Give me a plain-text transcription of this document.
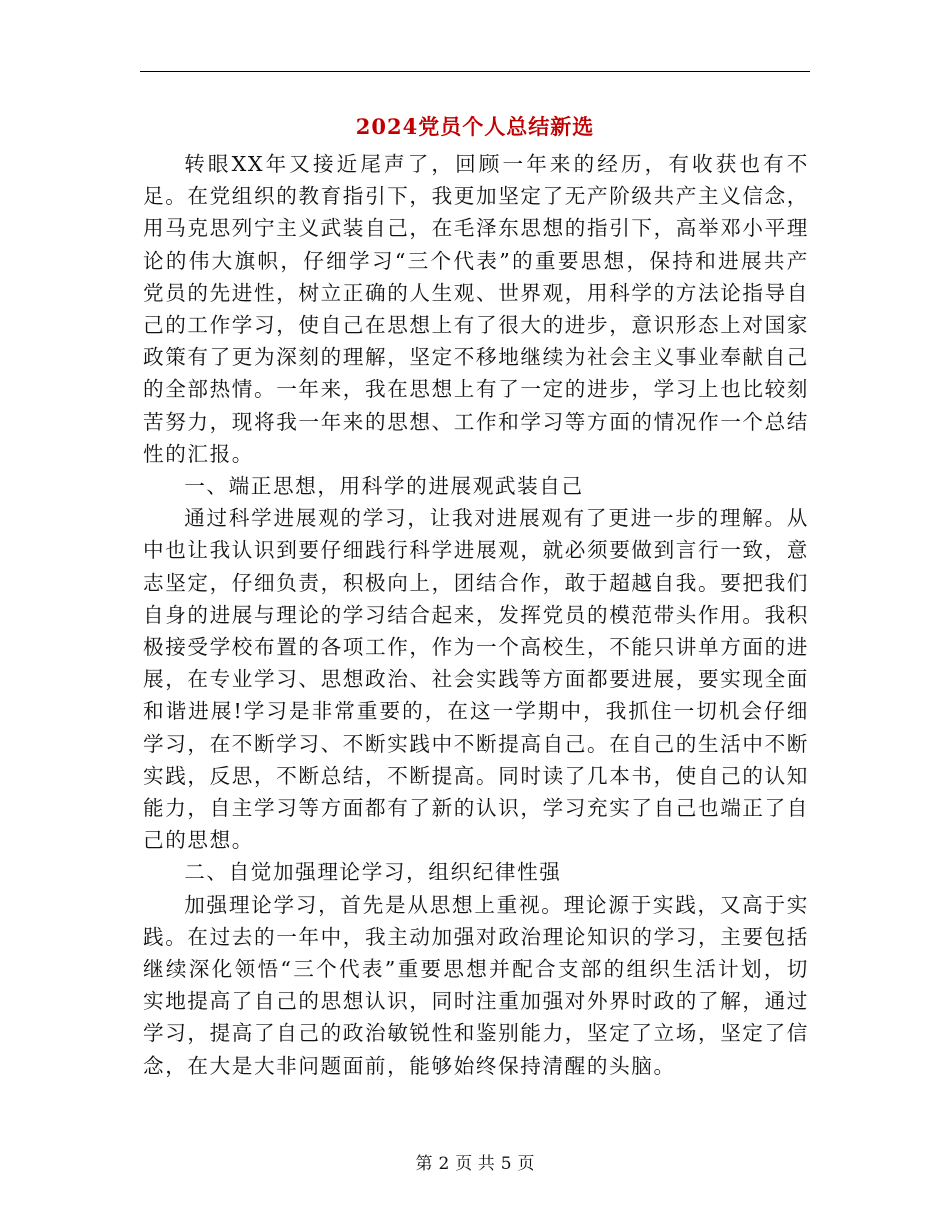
2024党员个人总结新选

转眼XX年又接近尾声了，回顾一年来的经历，有收获也有不足。在党组织的教育指引下，我更加坚定了无产阶级共产主义信念，用马克思列宁主义武装自己，在毛泽东思想的指引下，高举邓小平理论的伟大旗帜，仔细学习“三个代表”的重要思想，保持和进展共产党员的先进性，树立正确的人生观、世界观，用科学的方法论指导自己的工作学习，使自己在思想上有了很大的进步，意识形态上对国家政策有了更为深刻的理解，坚定不移地继续为社会主义事业奉献自己的全部热情。一年来，我在思想上有了一定的进步，学习上也比较刻苦努力，现将我一年来的思想、工作和学习等方面的情况作一个总结性的汇报。

一、端正思想，用科学的进展观武装自己

通过科学进展观的学习，让我对进展观有了更进一步的理解。从中也让我认识到要仔细践行科学进展观，就必须要做到言行一致，意志坚定，仔细负责，积极向上，团结合作，敢于超越自我。要把我们自身的进展与理论的学习结合起来，发挥党员的模范带头作用。我积极接受学校布置的各项工作，作为一个高校生，不能只讲单方面的进展，在专业学习、思想政治、社会实践等方面都要进展，要实现全面和谐进展!学习是非常重要的，在这一学期中，我抓住一切机会仔细学习，在不断学习、不断实践中不断提高自己。在自己的生活中不断实践，反思，不断总结，不断提高。同时读了几本书，使自己的认知能力，自主学习等方面都有了新的认识，学习充实了自己也端正了自己的思想。

二、自觉加强理论学习，组织纪律性强

加强理论学习，首先是从思想上重视。理论源于实践，又高于实践。在过去的一年中，我主动加强对政治理论知识的学习，主要包括继续深化领悟“三个代表”重要思想并配合支部的组织生活计划，切实地提高了自己的思想认识，同时注重加强对外界时政的了解，通过学习，提高了自己的政治敏锐性和鉴别能力，坚定了立场，坚定了信念，在大是大非问题面前，能够始终保持清醒的头脑。

第 2 页 共 5 页
